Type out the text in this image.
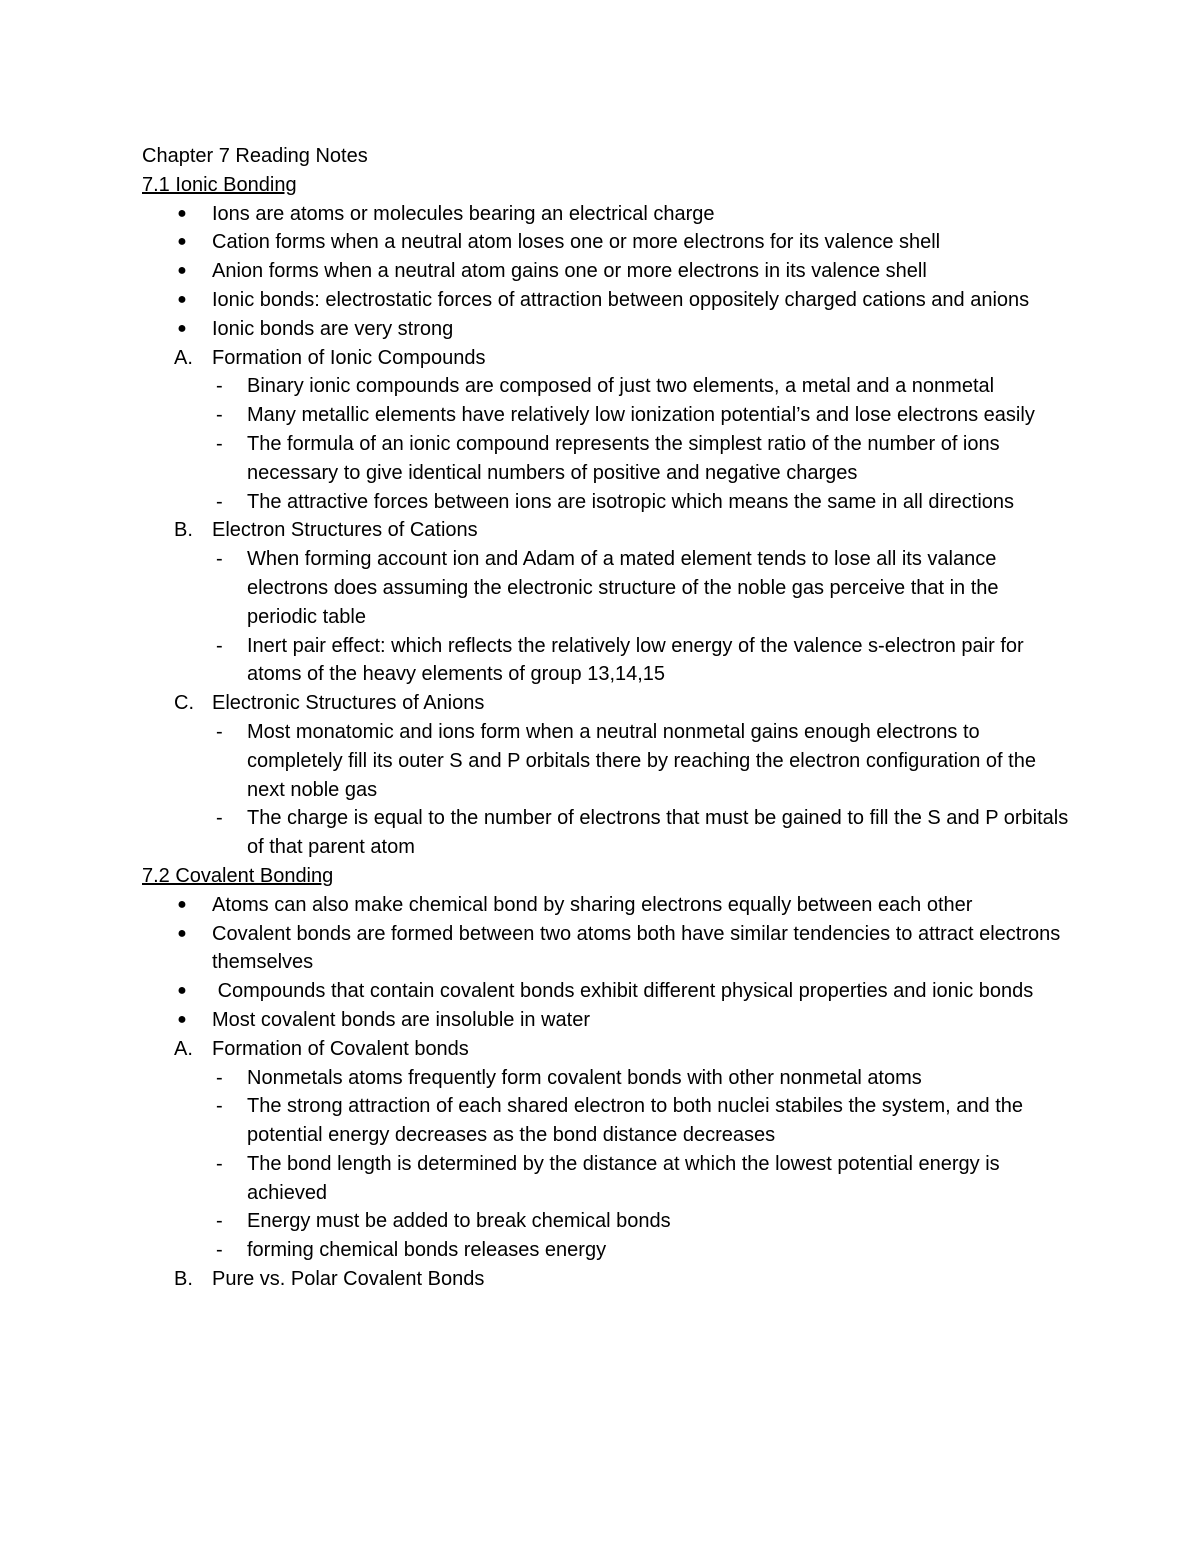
Chapter 7 Reading Notes
7.1 Ionic Bonding
● Ions are atoms or molecules bearing an electrical charge
● Cation forms when a neutral atom loses one or more electrons for its valence shell
● Anion forms when a neutral atom gains one or more electrons in its valence shell
● Ionic bonds: electrostatic forces of attraction between oppositely charged cations and anions
● Ionic bonds are very strong
A. Formation of Ionic Compounds
- Binary ionic compounds are composed of just two elements, a metal and a nonmetal
- Many metallic elements have relatively low ionization potential’s and lose electrons easily
- The formula of an ionic compound represents the simplest ratio of the number of ions necessary to give identical numbers of positive and negative charges
- The attractive forces between ions are isotropic which means the same in all directions
B. Electron Structures of Cations
- When forming account ion and Adam of a mated element tends to lose all its valance electrons does assuming the electronic structure of the noble gas perceive that in the periodic table
- Inert pair effect: which reflects the relatively low energy of the valence s-electron pair for atoms of the heavy elements of group 13,14,15
C. Electronic Structures of Anions
- Most monatomic and ions form when a neutral nonmetal gains enough electrons to completely fill its outer S and P orbitals there by reaching the electron configuration of the next noble gas
- The charge is equal to the number of electrons that must be gained to fill the S and P orbitals of that parent atom
7.2 Covalent Bonding
● Atoms can also make chemical bond by sharing electrons equally between each other
● Covalent bonds are formed between two atoms both have similar tendencies to attract electrons themselves
● Compounds that contain covalent bonds exhibit different physical properties and ionic bonds
● Most covalent bonds are insoluble in water
A. Formation of Covalent bonds
- Nonmetals atoms frequently form covalent bonds with other nonmetal atoms
- The strong attraction of each shared electron to both nuclei stabiles the system, and the potential energy decreases as the bond distance decreases
- The bond length is determined by the distance at which the lowest potential energy is achieved
- Energy must be added to break chemical bonds
- forming chemical bonds releases energy
B. Pure vs. Polar Covalent Bonds
